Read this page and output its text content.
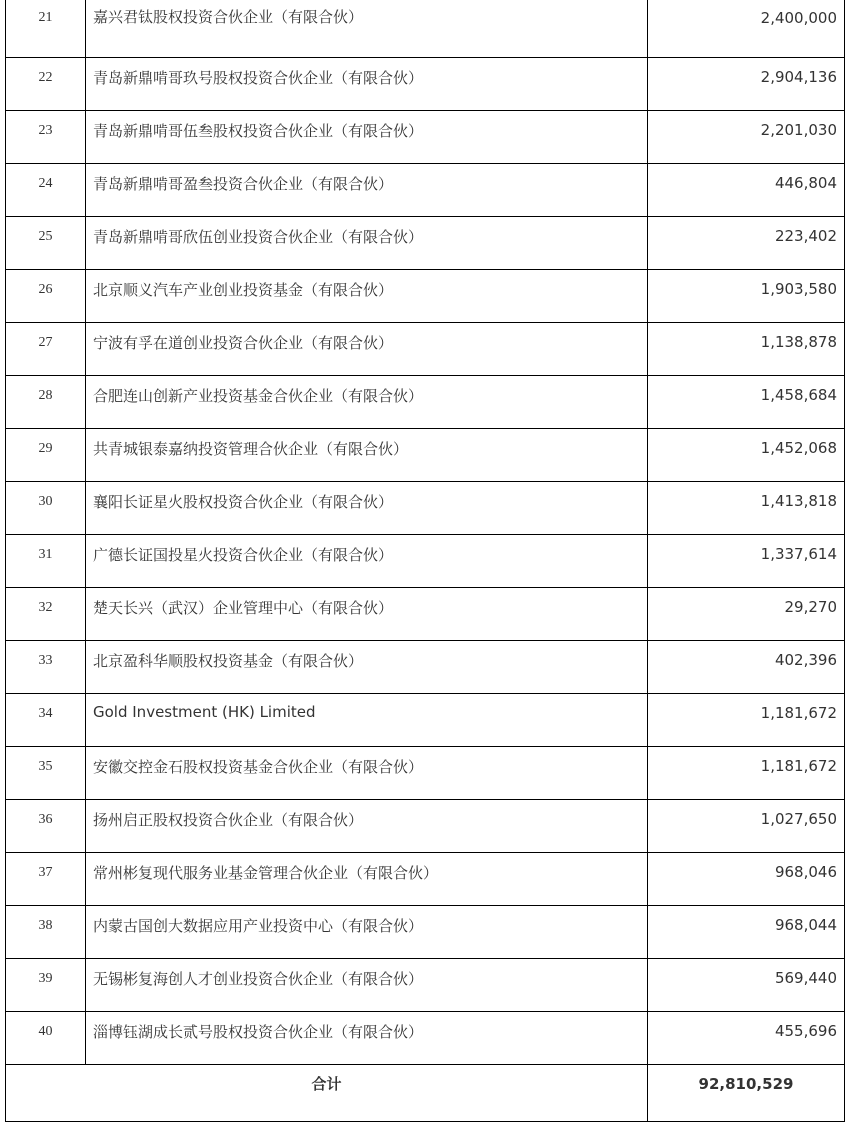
21	嘉兴君钛股权投资合伙企业（有限合伙）	2,400,000
22	青岛新鼎啃哥玖号股权投资合伙企业（有限合伙）	2,904,136
23	青岛新鼎啃哥伍叁股权投资合伙企业（有限合伙）	2,201,030
24	青岛新鼎啃哥盈叁投资合伙企业（有限合伙）	446,804
25	青岛新鼎啃哥欣伍创业投资合伙企业（有限合伙）	223,402
26	北京顺义汽车产业创业投资基金（有限合伙）	1,903,580
27	宁波有孚在道创业投资合伙企业（有限合伙）	1,138,878
28	合肥连山创新产业投资基金合伙企业（有限合伙）	1,458,684
29	共青城银泰嘉纳投资管理合伙企业（有限合伙）	1,452,068
30	襄阳长证星火股权投资合伙企业（有限合伙）	1,413,818
31	广德长证国投星火投资合伙企业（有限合伙）	1,337,614
32	楚天长兴（武汉）企业管理中心（有限合伙）	29,270
33	北京盈科华顺股权投资基金（有限合伙）	402,396
34	Gold Investment (HK) Limited	1,181,672
35	安徽交控金石股权投资基金合伙企业（有限合伙）	1,181,672
36	扬州启正股权投资合伙企业（有限合伙）	1,027,650
37	常州彬复现代服务业基金管理合伙企业（有限合伙）	968,046
38	内蒙古国创大数据应用产业投资中心（有限合伙）	968,044
39	无锡彬复海创人才创业投资合伙企业（有限合伙）	569,440
40	淄博钰湖成长贰号股权投资合伙企业（有限合伙）	455,696
合计		92,810,529
